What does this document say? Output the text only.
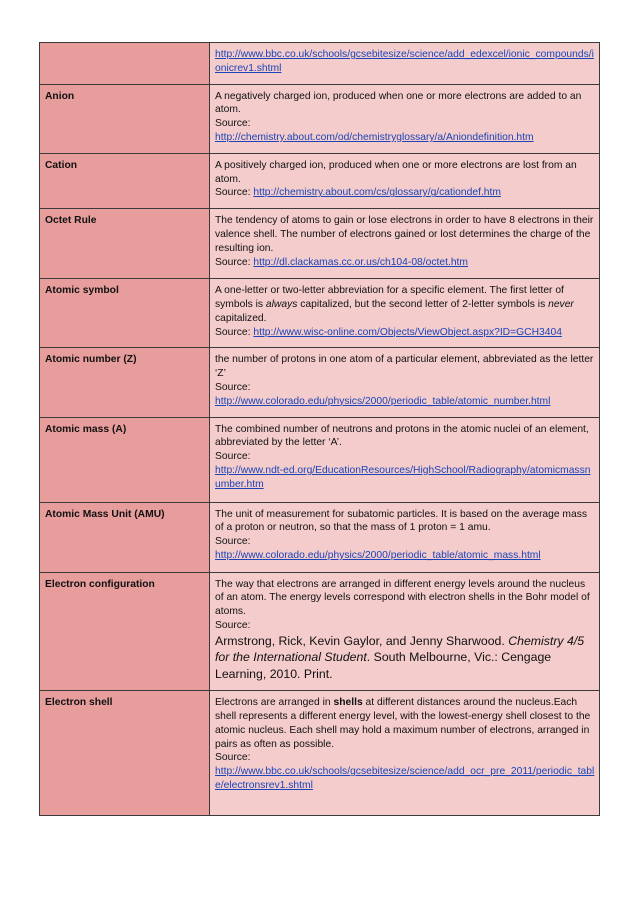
	http://www.bbc.co.uk/schools/gcsebitesize/science/add_edexcel/ionic_compounds/ionicrev1.shtml
Anion	A negatively charged ion, produced when one or more electrons are added to an atom.
Source:
http://chemistry.about.com/od/chemistryglossary/a/Aniondefinition.htm
Cation	A positively charged ion, produced when one or more electrons are lost from an atom.
Source: http://chemistry.about.com/cs/glossary/g/cationdef.htm
Octet Rule	The tendency of atoms to gain or lose electrons in order to have 8 electrons in their valence shell. The number of electrons gained or lost determines the charge of the resulting ion.
Source: http://dl.clackamas.cc.or.us/ch104-08/octet.htm
Atomic symbol	A one-letter or two-letter abbreviation for a specific element. The first letter of symbols is always capitalized, but the second letter of 2-letter symbols is never capitalized.
Source: http://www.wisc-online.com/Objects/ViewObject.aspx?ID=GCH3404
Atomic number (Z)	the number of protons in one atom of a particular element, abbreviated as the letter ‘Z’
Source:
http://www.colorado.edu/physics/2000/periodic_table/atomic_number.html
Atomic mass (A)	The combined number of neutrons and protons in the atomic nuclei of an element, abbreviated by the letter ‘A’.
Source:
http://www.ndt-ed.org/EducationResources/HighSchool/Radiography/atomicmassnumber.htm
Atomic Mass Unit (AMU)	The unit of measurement for subatomic particles. It is based on the average mass of a proton or neutron, so that the mass of 1 proton = 1 amu.
Source:
http://www.colorado.edu/physics/2000/periodic_table/atomic_mass.html
Electron configuration	The way that electrons are arranged in different energy levels around the nucleus of an atom. The energy levels correspond with electron shells in the Bohr model of atoms.
Source:
Armstrong, Rick, Kevin Gaylor, and Jenny Sharwood. Chemistry 4/5 for the International Student. South Melbourne, Vic.: Cengage Learning, 2010. Print.

Electron shell	Electrons are arranged in shells at different distances around the nucleus.Each shell represents a different energy level, with the lowest-energy shell closest to the atomic nucleus. Each shell may hold a maximum number of electrons, arranged in pairs as often as possible.
Source:
http://www.bbc.co.uk/schools/gcsebitesize/science/add_ocr_pre_2011/periodic_table/electronsrev1.shtml
